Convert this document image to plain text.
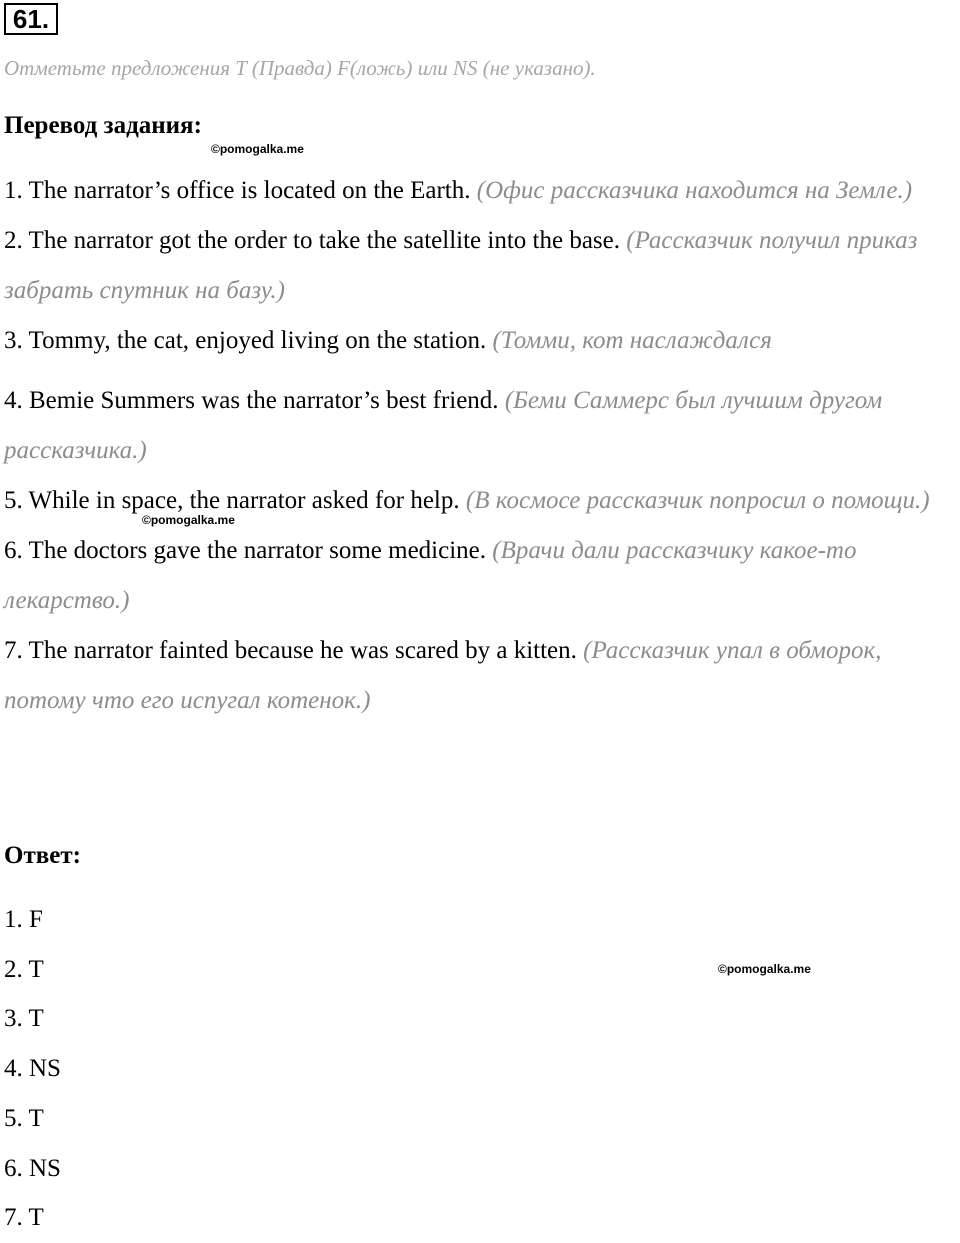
61.
Отметьте предложения T (Правда) F(ложь) или NS (не указано).
Перевод задания:
©pomogalka.me

1. The narrator’s office is located on the Earth. (Офис рассказчика находится на Земле.)

2. The narrator got the order to take the satellite into the base. (Рассказчик получил приказ забрать спутник на базу.)

3. Tommy, the cat, enjoyed living on the station. (Томми, кот наслаждался

4. Bemie Summers was the narrator’s best friend. (Беми Саммерс был лучшим другом рассказчика.)

5. While in space, the narrator asked for help. (В космосе рассказчик попросил о помощи.)

6. The doctors gave the narrator some medicine. (Врачи дали рассказчику какое-то лекарство.)

7. The narrator fainted because he was scared by a kitten. (Рассказчик упал в обморок, потому что его испугал котенок.)

©pomogalka.me
Ответ:
1. F
2. T
3. T
4. NS
5. T
6. NS
7. T
©pomogalka.me
